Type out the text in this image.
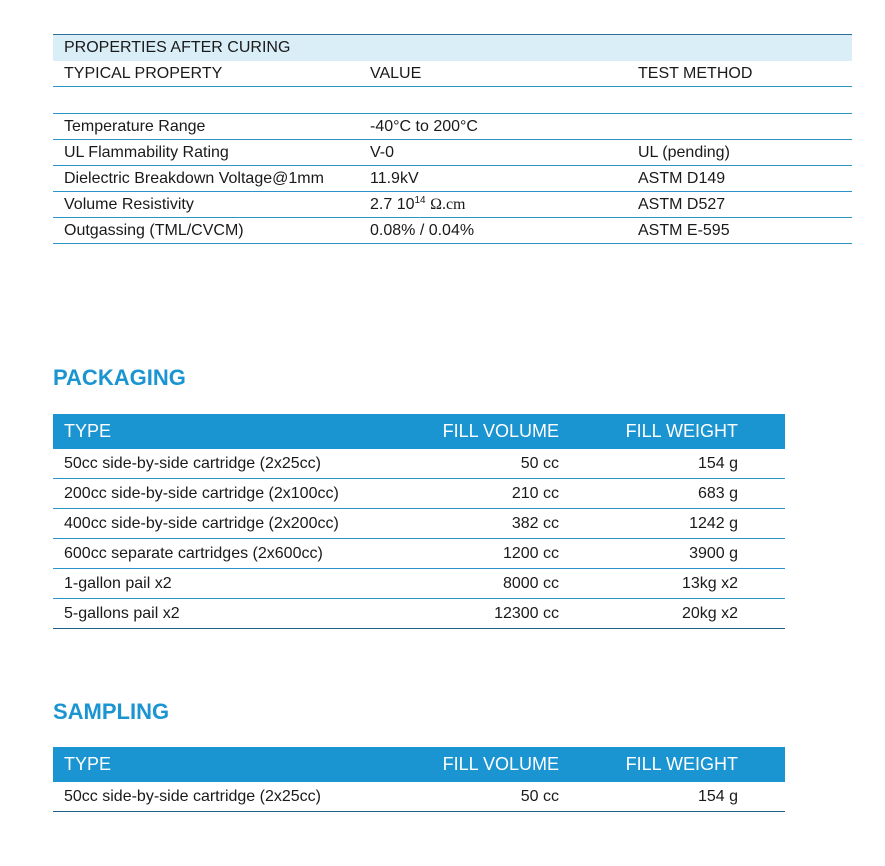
PROPERTIES AFTER CURING		
TYPICAL PROPERTY	VALUE	TEST METHOD

Temperature Range	-40°C to 200°C	
UL Flammability Rating	V-0	UL (pending)
Dielectric Breakdown Voltage@1mm	11.9kV	ASTM D149
Volume Resistivity	2.7 $10^{14}$ Ω.cm	ASTM D527
Outgassing (TML/CVCM)	0.08% / 0.04%	ASTM E-595
PACKAGING
TYPE	FILL VOLUME	FILL WEIGHT
50cc side-by-side cartridge (2x25cc)	50 cc	154 g
200cc side-by-side cartridge (2x100cc)	210 cc	683 g
400cc side-by-side cartridge (2x200cc)	382 cc	1242 g
600cc separate cartridges (2x600cc)	1200 cc	3900 g
1-gallon pail x2	8000 cc	13kg x2
5-gallons pail x2	12300 cc	20kg x2
SAMPLING
TYPE	FILL VOLUME	FILL WEIGHT
50cc side-by-side cartridge (2x25cc)	50 cc	154 g
